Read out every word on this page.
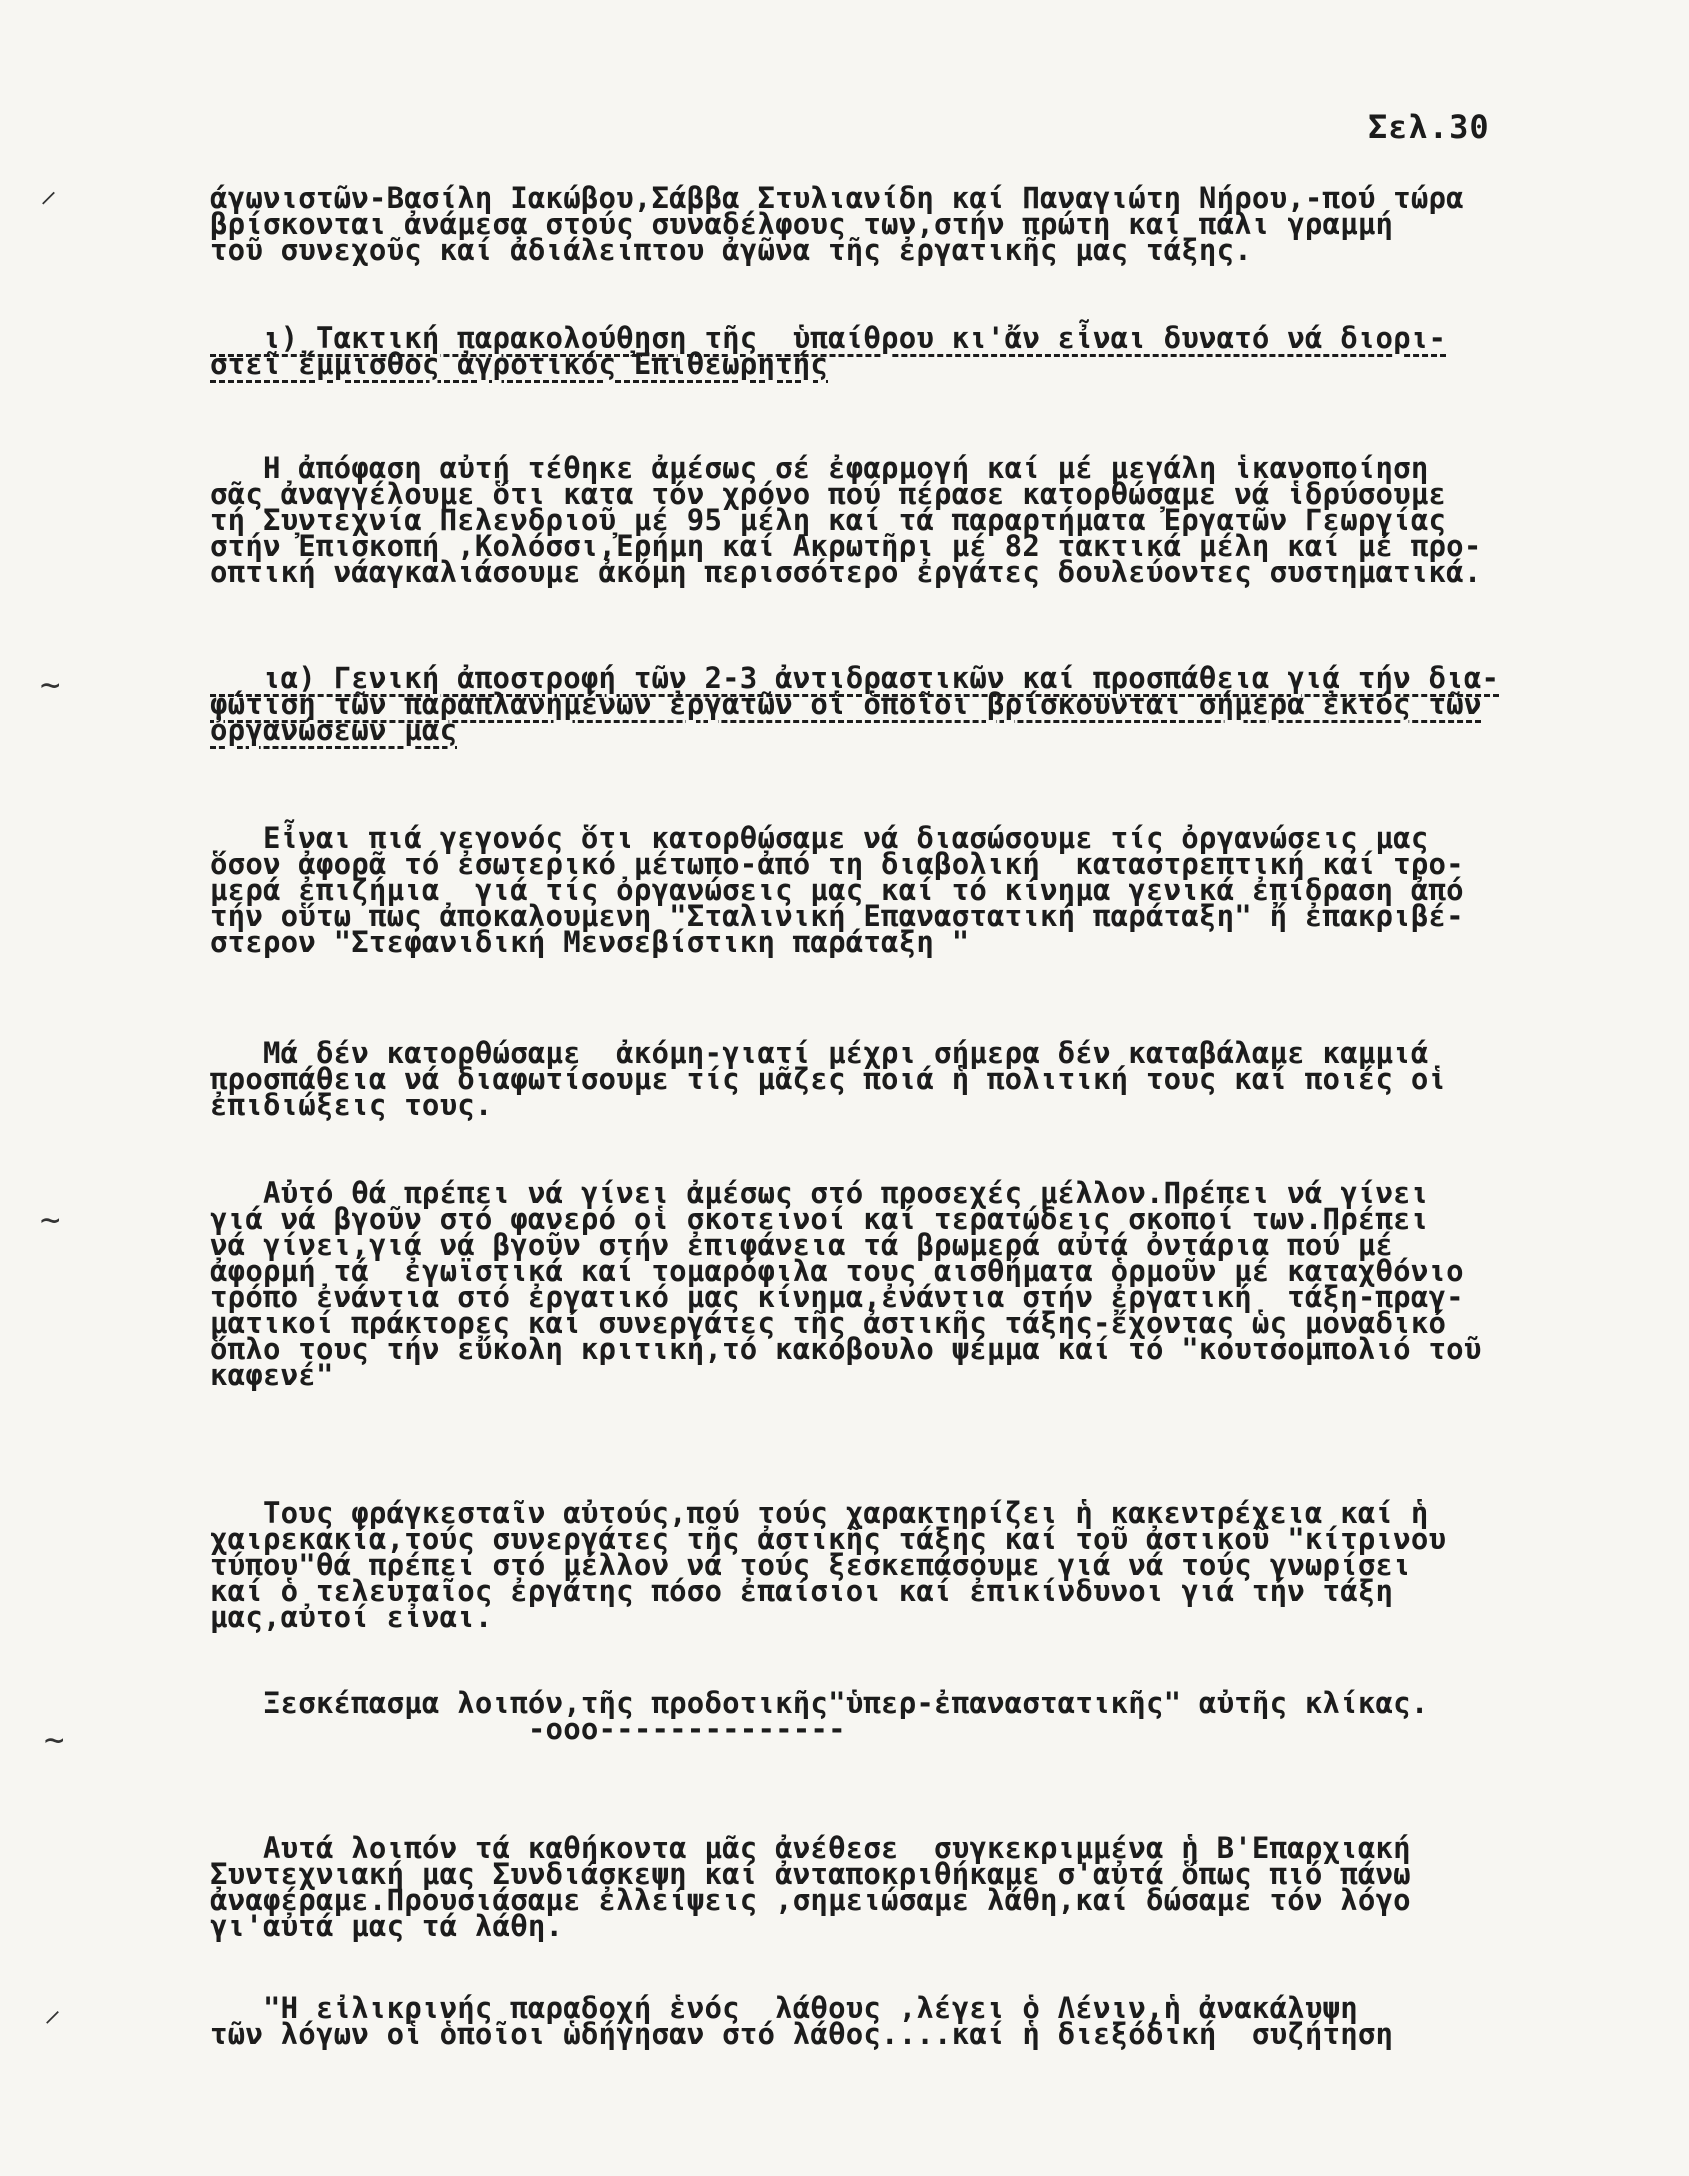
Σελ.30
⸍
~
~
~
⸝
άγωνιστῶν-Βασίλη Ιακώβου,Σάββα Στυλιανίδη καί Παναγιώτη Νήρου,-πού τώρα
βρίσκονται ἀνάμεσα στούς συναδέλφους των,στήν πρώτη καί πάλι γραμμή
τοῦ συνεχοῦς καί ἀδιάλειπτου ἀγῶνα τῆς ἐργατικῆς μας τάξης.
ι) Τακτική παρακολούθηση τῆς  ὑπαίθρου κι'ἄν εἶναι δυνατό νά διορι-
στεῖ ἔμμισθος ἀγροτικός Ἐπιθεωρητής
Η ἀπόφαση αὐτή τέθηκε ἀμέσως σέ ἐφαρμογή καί μέ μεγάλη ἱκανοποίηση
σᾶς ἀναγγέλουμε ὅτι κατα τόν χρόνο πού πέρασε κατορθώσαμε νά ἱδρύσουμε
τή Συντεχνία Πελενδριοῦ μέ 95 μέλη καί τά παραρτήματα Ἐργατῶν Γεωργίας
στήν Ἐπισκοπή ,Κολόσσι,Ἐρήμη καί Ακρωτῆρι μέ 82 τακτικά μέλη καί μέ προ-
οπτική νάαγκαλιάσουμε ἀκόμη περισσότερο ἐργάτες δουλεύοντες συστηματικά.
ια) Γενική ἀποστροφή τῶν 2-3 ἀντιδραστικῶν καί προσπάθεια γιά τήν δια-
φώτιση τῶν παραπλανημένων ἐργατῶν οἱ ὁποῖοι βρίσκουνται σήμερα ἐκτός τῶν
ὀργανώσεων μας
Εἶναι πιά γεγονός ὅτι κατορθώσαμε νά διασώσουμε τίς ὀργανώσεις μας
ὅσον ἀφορᾶ τό ἐσωτερικό μέτωπο-ἀπό τη διαβολική  καταστρεπτική καί τρο-
μερά ἐπιζήμια  γιά τίς ὀργανώσεις μας καί τό κίνημα γενικά ἐπίδραση ἀπό
τήν οὕτω πως ἀποκαλουμενη "Σταλινική Επαναστατική παράταξη" ἤ ἐπακριβέ-
στερον "Στεφανιδική Μενσεβίστικη παράταξη "
Μά δέν κατορθώσαμε  ἀκόμη-γιατί μέχρι σήμερα δέν καταβάλαμε καμμιά
προσπάθεια νά διαφωτίσουμε τίς μᾶζες ποιά ἡ πολιτική τους καί ποιές οἱ
ἐπιδιώξεις τους.
Αὐτό θά πρέπει νά γίνει ἀμέσως στό προσεχές μέλλον.Πρέπει νά γίνει
γιά νά βγοῦν στό φανερό οἱ σκοτεινοί καί τερατώδεις σκοποί των.Πρέπει
νά γίνει,γιά νά βγοῦν στήν ἐπιφάνεια τά βρωμερά αὐτά ὀντάρια πού μέ
ἀφορμή τά  ἐγωϊστικά καί τομαρόφιλα τους αισθήματα ὁρμοῦν μέ καταχθόνιο
τρόπο ἐνάντια στό ἐργατικό μας κίνημα,ἐνάντια στήν ἐργατική  τάξη-πραγ-
ματικοί πράκτορες καί συνεργάτες τῆς ἀστικῆς τάξης-ἔχοντας ὡς μοναδικό
ὅπλο τους τήν εὔκολη κριτική,τό κακόβουλο ψέμμα καί τό "κουτσομπολιό τοῦ
καφενέ"
Τους φράγκεσταῖν αὐτούς,πού τούς χαρακτηρίζει ἡ κακεντρέχεια καί ἡ
χαιρεκακία,τούς συνεργάτες τῆς ἀστικῆς τάξης καί τοῦ ἀστικοῦ "κίτρινου
τύπου"θά πρέπει στό μέλλον νά τούς ξεσκεπάσουμε γιά νά τούς γνωρίσει
καί ὁ τελευταῖος ἐργάτης πόσο ἐπαίσιοι καί ἐπικίνδυνοι γιά τήν τάξη
μας,αὐτοί εἶναι.
Ξεσκέπασμα λοιπόν,τῆς προδοτικῆς"ὑπερ-ἐπαναστατικῆς" αὐτῆς κλίκας.
-ooo--------------
Αυτά λοιπόν τά καθήκοντα μᾶς ἀνέθεσε  συγκεκριμμένα ἡ Β'Επαρχιακή
Συντεχνιακή μας Συνδιάσκεψη καί ἀνταποκριθήκαμε σ'αὐτά ὅπως πιό πάνω
ἀναφέραμε.Προυσιάσαμε ἐλλείψεις ,σημειώσαμε λάθη,καί δώσαμε τόν λόγο
γι'αὐτά μας τά λάθη.
"Η εἰλικρινής παραδοχή ἑνός  λάθους ,λέγει ὁ Λένιν,ἡ ἀνακάλυψη
τῶν λόγων οἱ ὁποῖοι ὡδήγησαν στό λάθος....καί ἡ διεξόδική  συζήτηση
